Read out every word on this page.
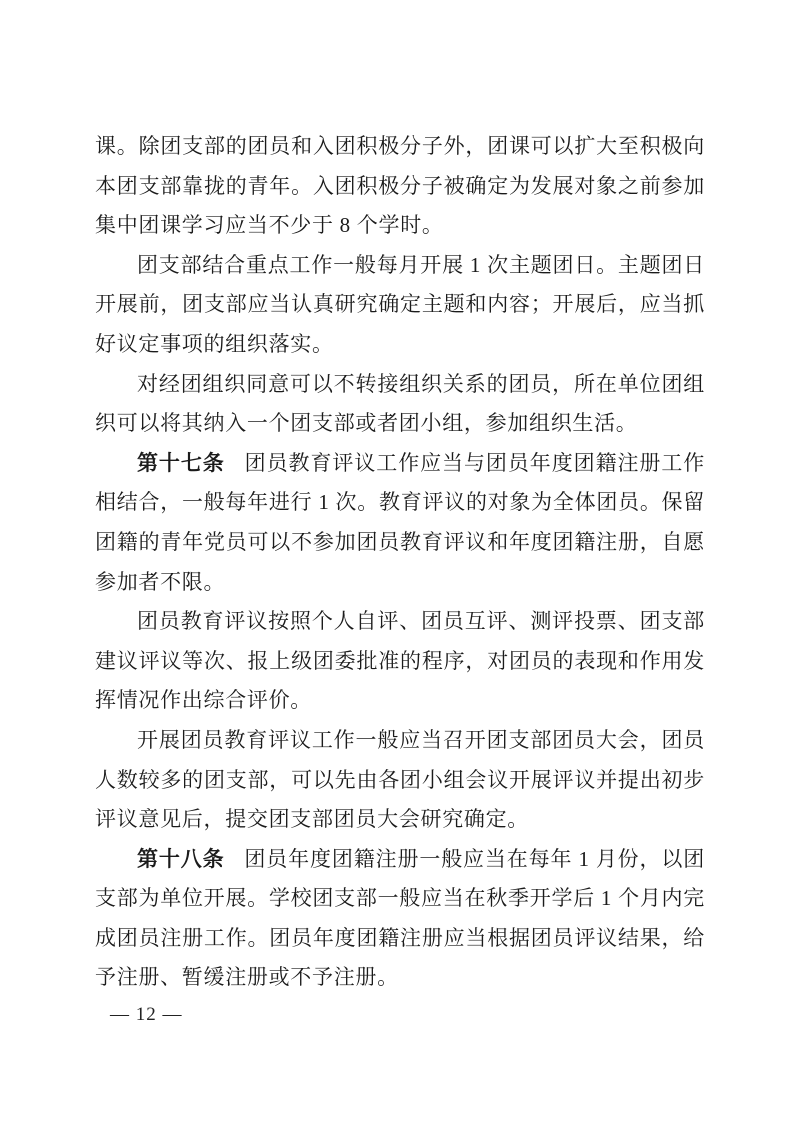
课。除团支部的团员和入团积极分子外，团课可以扩大至积极向本团支部靠拢的青年。入团积极分子被确定为发展对象之前参加集中团课学习应当不少于 8 个学时。

团支部结合重点工作一般每月开展 1 次主题团日。主题团日开展前，团支部应当认真研究确定主题和内容；开展后，应当抓好议定事项的组织落实。

对经团组织同意可以不转接组织关系的团员，所在单位团组织可以将其纳入一个团支部或者团小组，参加组织生活。

第十七条 团员教育评议工作应当与团员年度团籍注册工作相结合，一般每年进行 1 次。教育评议的对象为全体团员。保留团籍的青年党员可以不参加团员教育评议和年度团籍注册，自愿参加者不限。

团员教育评议按照个人自评、团员互评、测评投票、团支部建议评议等次、报上级团委批准的程序，对团员的表现和作用发挥情况作出综合评价。

开展团员教育评议工作一般应当召开团支部团员大会，团员人数较多的团支部，可以先由各团小组会议开展评议并提出初步评议意见后，提交团支部团员大会研究确定。

第十八条 团员年度团籍注册一般应当在每年 1 月份，以团支部为单位开展。学校团支部一般应当在秋季开学后 1 个月内完成团员注册工作。团员年度团籍注册应当根据团员评议结果，给予注册、暂缓注册或不予注册。

— 12 —
